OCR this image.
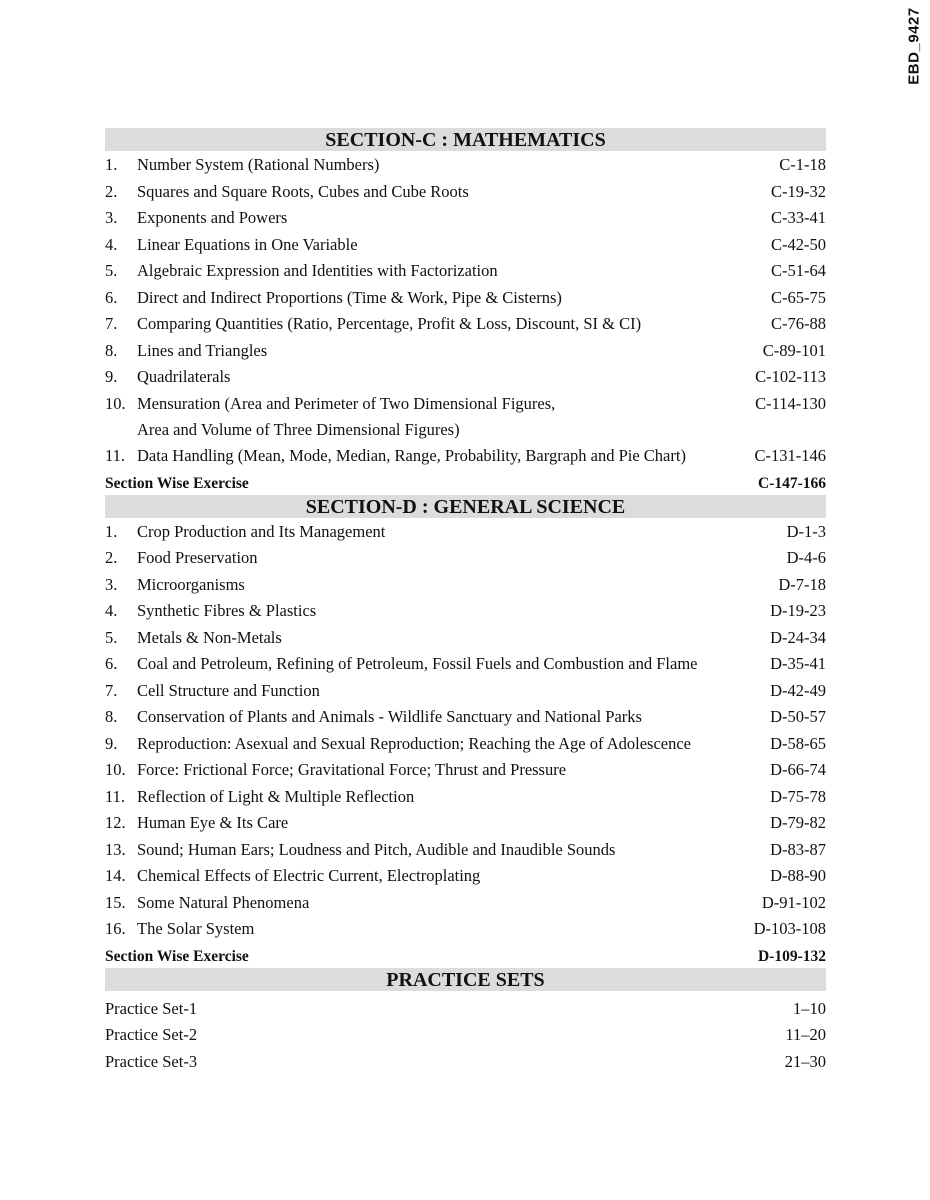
EBD_9427
SECTION-C : MATHEMATICS
1.	Number System (Rational Numbers)	C-1-18
2.	Squares and Square Roots, Cubes and Cube Roots	C-19-32
3.	Exponents and Powers	C-33-41
4.	Linear Equations in One Variable	C-42-50
5.	Algebraic Expression and Identities with Factorization	C-51-64
6.	Direct and Indirect Proportions (Time & Work, Pipe & Cisterns)	C-65-75
7.	Comparing Quantities (Ratio, Percentage, Profit & Loss, Discount, SI & CI)	C-76-88
8.	Lines and Triangles	C-89-101
9.	Quadrilaterals	C-102-113
10. Mensuration (Area and Perimeter of Two Dimensional Figures,
Area and Volume of Three Dimensional Figures)
C-114-130
11. Data Handling (Mean, Mode, Median, Range, Probability, Bargraph and Pie Chart)	C-131-146
Section Wise Exercise	C-147-166
SECTION-D : GENERAL SCIENCE
1.	Crop Production and Its Management	D-1-3
2.	Food Preservation	D-4-6
3.	Microorganisms	D-7-18
4.	Synthetic Fibres & Plastics	D-19-23
5.	Metals & Non-Metals	D-24-34
6.	Coal and Petroleum, Refining of Petroleum, Fossil Fuels and Combustion and Flame	D-35-41
7.	Cell Structure and Function	D-42-49
8.	Conservation of Plants and Animals - Wildlife Sanctuary and National Parks	D-50-57
9.	Reproduction: Asexual and Sexual Reproduction; Reaching the Age of Adolescence	D-58-65
10. Force: Frictional Force; Gravitational Force; Thrust and Pressure	D-66-74
11. Reflection of Light & Multiple Reflection	D-75-78
12. Human Eye & Its Care	D-79-82
13. Sound; Human Ears; Loudness and Pitch, Audible and Inaudible Sounds	D-83-87
14. Chemical Effects of Electric Current, Electroplating	D-88-90
15. Some Natural Phenomena	D-91-102
16. The Solar System	D-103-108
Section Wise Exercise	D-109-132
PRACTICE SETS
Practice Set-1	1–10
Practice Set-2	11–20
Practice Set-3	21–30
